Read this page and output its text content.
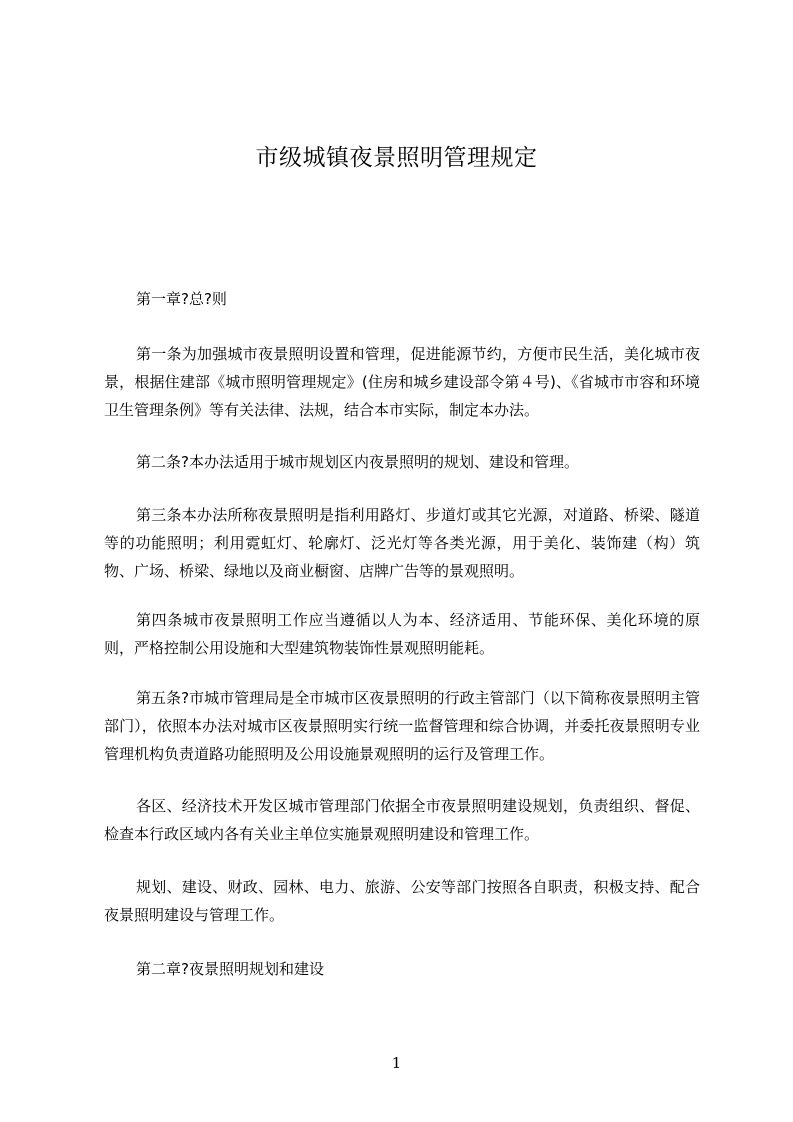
市级城镇夜景照明管理规定

第一章?总?则

第一条为加强城市夜景照明设置和管理，促进能源节约，方便市民生活，美化城市夜景，根据住建部《城市照明管理规定》(住房和城乡建设部令第４号)、《省城市市容和环境卫生管理条例》等有关法律、法规，结合本市实际，制定本办法。

第二条?本办法适用于城市规划区内夜景照明的规划、建设和管理。

第三条本办法所称夜景照明是指利用路灯、步道灯或其它光源，对道路、桥梁、隧道等的功能照明；利用霓虹灯、轮廓灯、泛光灯等各类光源，用于美化、装饰建（构）筑物、广场、桥梁、绿地以及商业橱窗、店牌广告等的景观照明。

第四条城市夜景照明工作应当遵循以人为本、经济适用、节能环保、美化环境的原则，严格控制公用设施和大型建筑物装饰性景观照明能耗。

第五条?市城市管理局是全市城市区夜景照明的行政主管部门（以下简称夜景照明主管部门），依照本办法对城市区夜景照明实行统一监督管理和综合协调，并委托夜景照明专业管理机构负责道路功能照明及公用设施景观照明的运行及管理工作。

各区、经济技术开发区城市管理部门依据全市夜景照明建设规划，负责组织、督促、检查本行政区域内各有关业主单位实施景观照明建设和管理工作。

规划、建设、财政、园林、电力、旅游、公安等部门按照各自职责，积极支持、配合夜景照明建设与管理工作。

第二章?夜景照明规划和建设

1
